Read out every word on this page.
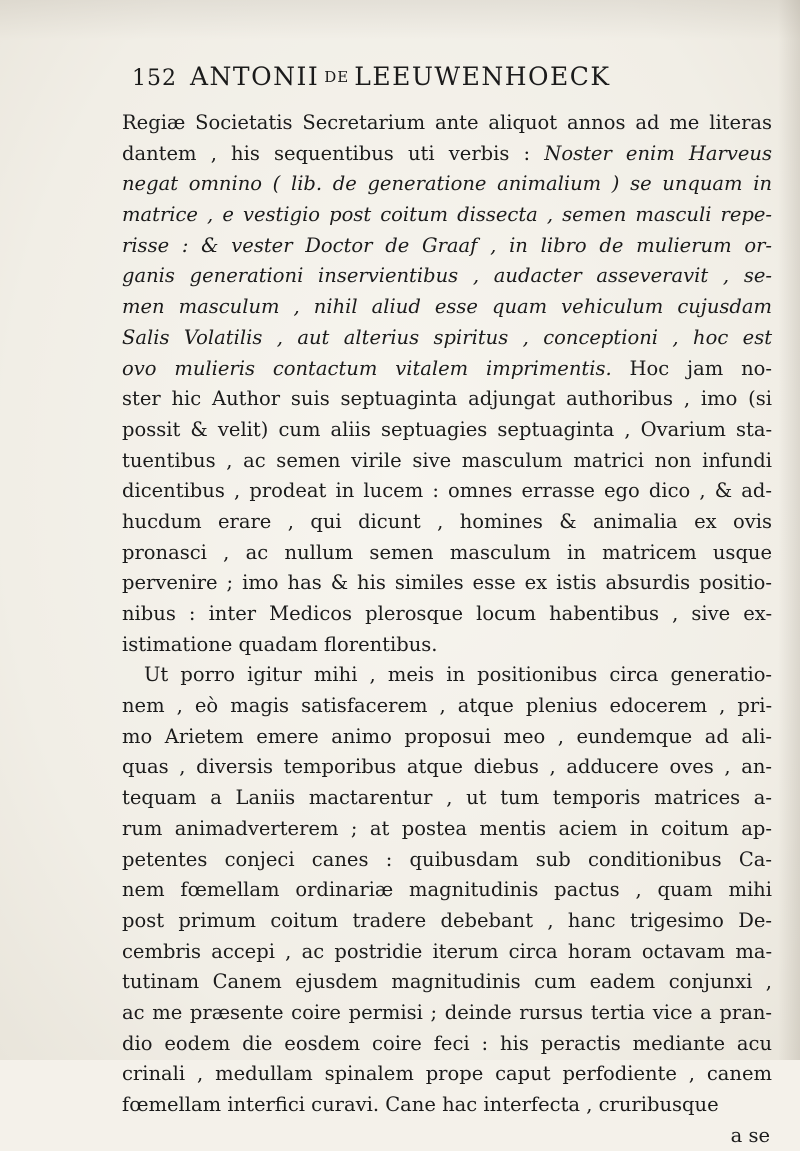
152 ANTONII DE LEEUWENHOECK
Regiæ Societatis Secretarium ante aliquot annos ad me literas
dantem , his sequentibus uti verbis : Noster enim Harveus
negat omnino ( lib. de generatione animalium ) se unquam in
matrice , e vestigio post coitum dissecta , semen masculi repe-
risse : & vester Doctor de Graaf , in libro de mulierum or-
ganis generationi inservientibus , audacter asseveravit , se-
men masculum , nihil aliud esse quam vehiculum cujusdam
Salis Volatilis , aut alterius spiritus , conceptioni , hoc est
ovo mulieris contactum vitalem imprimentis. Hoc jam no-
ster hic Author suis septuaginta adjungat authoribus , imo (si
possit & velit) cum aliis septuagies septuaginta , Ovarium sta-
tuentibus , ac semen virile sive masculum matrici non infundi
dicentibus , prodeat in lucem : omnes errasse ego dico , & ad-
hucdum erare , qui dicunt , homines & animalia ex ovis
pronasci , ac nullum semen masculum in matricem usque
pervenire ; imo has & his similes esse ex istis absurdis positio-
nibus : inter Medicos plerosque locum habentibus , sive ex-
istimatione quadam florentibus.
Ut porro igitur mihi , meis in positionibus circa generatio-
nem , eò magis satisfacerem , atque plenius edocerem , pri-
mo Arietem emere animo proposui meo , eundemque ad ali-
quas , diversis temporibus atque diebus , adducere oves , an-
tequam a Laniis mactarentur , ut tum temporis matrices a-
rum animadverterem ; at postea mentis aciem in coitum ap-
petentes conjeci canes : quibusdam sub conditionibus Ca-
nem fœmellam ordinariæ magnitudinis pactus , quam mihi
post primum coitum tradere debebant , hanc trigesimo De-
cembris accepi , ac postridie iterum circa horam octavam ma-
tutinam Canem ejusdem magnitudinis cum eadem conjunxi ,
ac me præsente coire permisi ; deinde rursus tertia vice a pran-
dio eodem die eosdem coire feci : his peractis mediante acu
crinali , medullam spinalem prope caput perfodiente , canem
fœmellam interfici curavi. Cane hac interfecta , cruribusque
a se
